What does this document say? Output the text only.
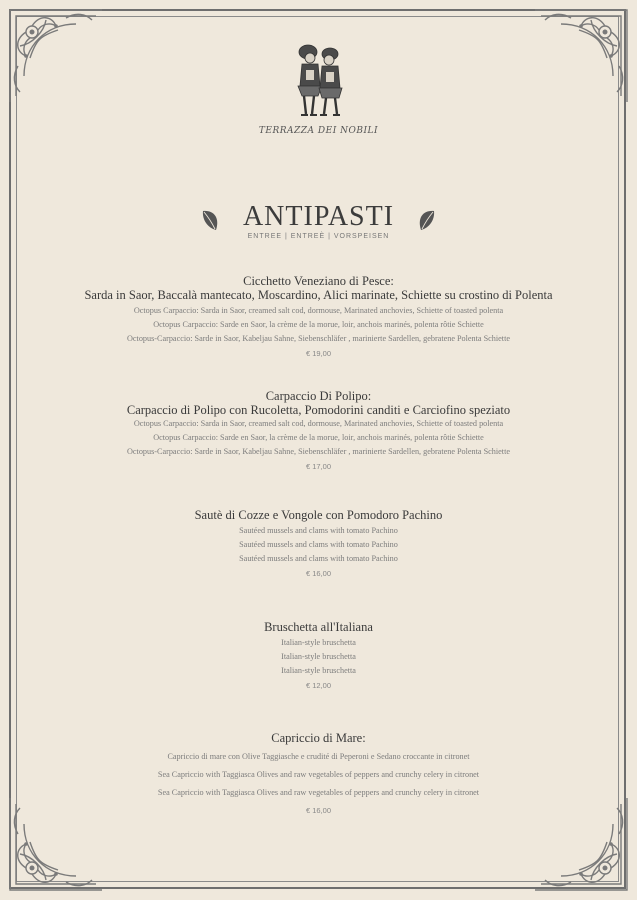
TERRAZZA DEI NOBILI
ANTIPASTI
ENTREE | ENTREÈ | VORSPEISEN
Cicchetto Veneziano di Pesce:
Sarda in Saor, Baccalà mantecato, Moscardino, Alici marinate, Schiette su crostino di Polenta
Octopus Carpaccio: Sarda in Saor, creamed salt cod, dormouse, Marinated anchovies, Schiette of toasted polenta
Octopus Carpaccio: Sarde en Saor, la crème de la morue, loir, anchois marinés, polenta rôtie Schiette
Octopus-Carpaccio: Sarde in Saor, Kabeljau Sahne, Siebenschläfer , marinierte Sardellen, gebratene Polenta Schiette
€ 19,00
Carpaccio Di Polipo:
Carpaccio di Polipo con Rucoletta, Pomodorini canditi e Carciofino speziato
Octopus Carpaccio: Sarda in Saor, creamed salt cod, dormouse, Marinated anchovies, Schiette of toasted polenta
Octopus Carpaccio: Sarde en Saor, la crème de la morue, loir, anchois marinés, polenta rôtie Schiette
Octopus-Carpaccio: Sarde in Saor, Kabeljau Sahne, Siebenschläfer , marinierte Sardellen, gebratene Polenta Schiette
€ 17,00
Sautè di Cozze e Vongole con Pomodoro Pachino
Sautéed mussels and clams with tomato Pachino
Sautéed mussels and clams with tomato Pachino
Sautéed mussels and clams with tomato Pachino
€ 16,00
Bruschetta all'Italiana
Italian-style bruschetta
Italian-style bruschetta
Italian-style bruschetta
€ 12,00
Capriccio di Mare:
Capriccio di mare con Olive Taggiasche e crudité di Peperoni e Sedano croccante in citronet
Sea Capriccio with Taggiasca Olives and raw vegetables of peppers and crunchy celery in citronet
Sea Capriccio with Taggiasca Olives and raw vegetables of peppers and crunchy celery in citronet
€ 16,00
